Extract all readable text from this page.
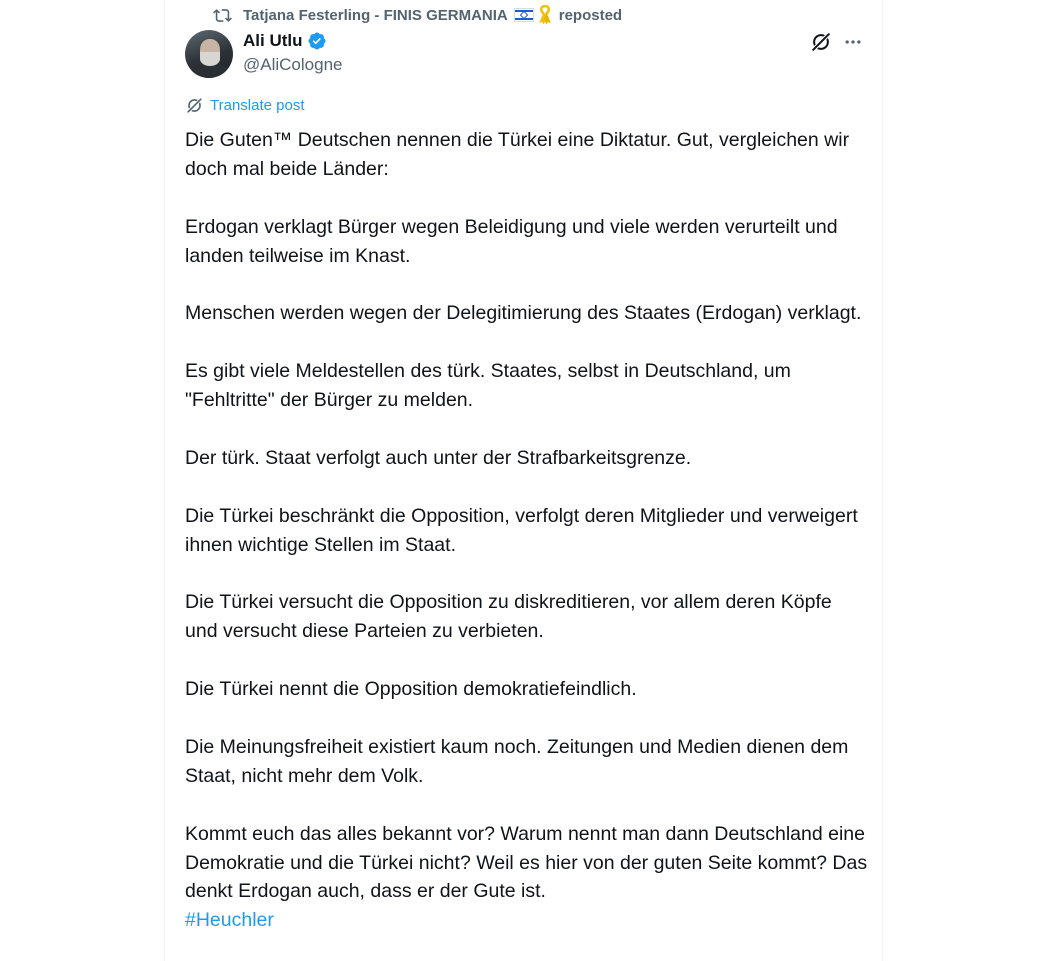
Tatjana Festerling - FINIS GERMANIA	reposted
Ali Utlu
@AliCologne
Translate post

Die Guten™ Deutschen nennen die Türkei eine Diktatur. Gut, vergleichen wir doch mal beide Länder:

Erdogan verklagt Bürger wegen Beleidigung und viele werden verurteilt und landen teilweise im Knast.

Menschen werden wegen der Delegitimierung des Staates (Erdogan) verklagt.

Es gibt viele Meldestellen des türk. Staates, selbst in Deutschland, um "Fehltritte" der Bürger zu melden.

Der türk. Staat verfolgt auch unter der Strafbarkeitsgrenze.

Die Türkei beschränkt die Opposition, verfolgt deren Mitglieder und verweigert ihnen wichtige Stellen im Staat.

Die Türkei versucht die Opposition zu diskreditieren, vor allem deren Köpfe und versucht diese Parteien zu verbieten.

Die Türkei nennt die Opposition demokratiefeindlich.

Die Meinungsfreiheit existiert kaum noch. Zeitungen und Medien dienen dem Staat, nicht mehr dem Volk.

Kommt euch das alles bekannt vor? Warum nennt man dann Deutschland eine Demokratie und die Türkei nicht? Weil es hier von der guten Seite kommt? Das denkt Erdogan auch, dass er der Gute ist.

#Heuchler
